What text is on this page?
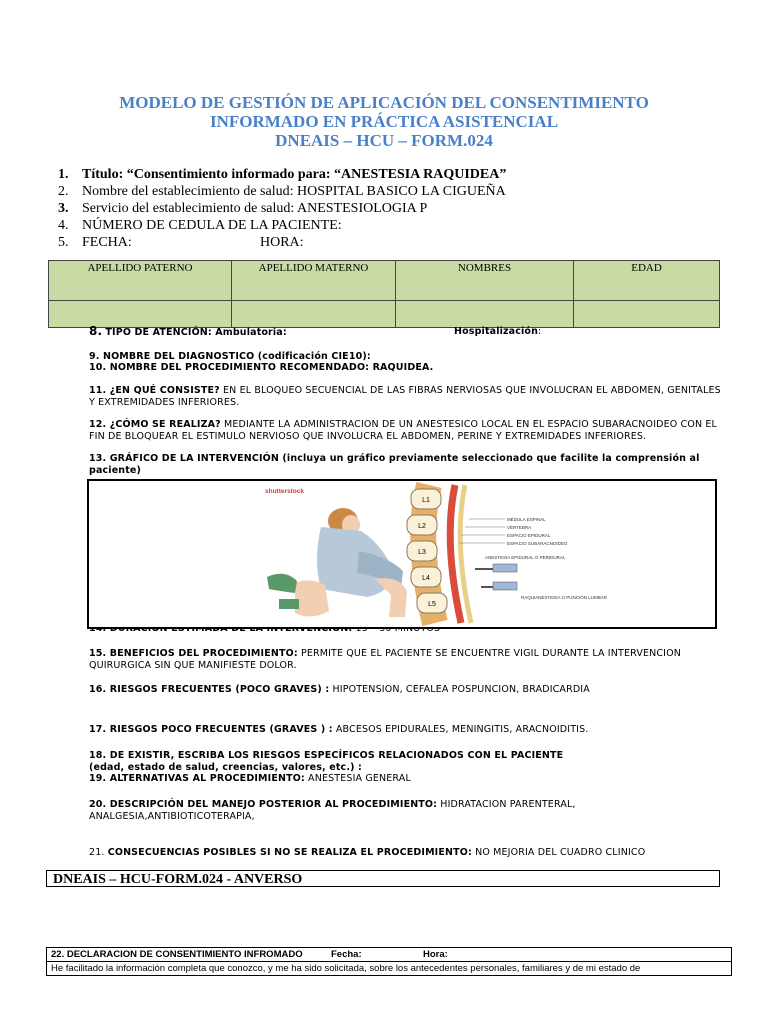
MODELO DE GESTIÓN DE APLICACIÓN DEL CONSENTIMIENTO
INFORMADO EN PRÁCTICA ASISTENCIAL
DNEAIS – HCU – FORM.024
1. Título: “Consentimiento informado para: “ANESTESIA RAQUIDEA”
2. Nombre del establecimiento de salud: HOSPITAL BASICO LA CIGUEÑA
3. Servicio del establecimiento de salud: ANESTESIOLOGIA P
4. NÚMERO DE CEDULA DE LA PACIENTE:
5. FECHA:	HORA:
APELLIDO PATERNO	APELLIDO MATERNO	NOMBRES	EDAD

8. TIPO DE ATENCIÓN: Ambulatoria:	Hospitalización:
9. NOMBRE DEL DIAGNOSTICO (codificación CIE10):
10. NOMBRE DEL PROCEDIMIENTO RECOMENDADO: RAQUIDEA.
11. ¿EN QUÉ CONSISTE? EN EL BLOQUEO SECUENCIAL DE LAS FIBRAS NERVIOSAS QUE INVOLUCRAN EL ABDOMEN, GENITALES Y EXTREMIDADES INFERIORES.
12. ¿CÓMO SE REALIZA? MEDIANTE LA ADMINISTRACION DE UN ANESTESICO LOCAL EN EL ESPACIO SUBARACNOIDEO CON EL FIN DE BLOQUEAR EL ESTIMULO NERVIOSO QUE INVOLUCRA EL ABDOMEN, PERINE Y EXTREMIDADES INFERIORES.
13. GRÁFICO DE LA INTERVENCIÓN (incluya un gráfico previamente seleccionado que facilite la comprensión al paciente)
shutterstock
L1
L2
L3
L4
L5
MÉDULA ESPINAL
VÉRTEBRA
ESPACIO EPIDURAL
ESPACIO SUBARACNOIDEO
ANESTESIA EPIDURAL O PERIDURAL
RAQUIANESTESIA O PUNCIÓN LUMBAR
15. BENEFICIOS DEL PROCEDIMIENTO: PERMITE QUE EL PACIENTE SE ENCUENTRE VIGIL DURANTE LA INTERVENCION QUIRURGICA SIN QUE MANIFIESTE DOLOR.
16. RIESGOS FRECUENTES (POCO GRAVES) : HIPOTENSION, CEFALEA POSPUNCION, BRADICARDIA
17. RIESGOS POCO FRECUENTES (GRAVES ) : ABCESOS EPIDURALES, MENINGITIS, ARACNOIDITIS.
18. DE EXISTIR, ESCRIBA LOS RIESGOS ESPECÍFICOS RELACIONADOS CON EL PACIENTE
(edad, estado de salud, creencias, valores, etc.) :
19. ALTERNATIVAS AL PROCEDIMIENTO: ANESTESIA GENERAL
20. DESCRIPCIÓN DEL MANEJO POSTERIOR AL PROCEDIMIENTO: HIDRATACION PARENTERAL, ANALGESIA,ANTIBIOTICOTERAPIA,
21. CONSECUENCIAS POSIBLES SI NO SE REALIZA EL PROCEDIMIENTO: NO MEJORIA DEL CUADRO CLINICO
DNEAIS – HCU-FORM.024 - ANVERSO
22. DECLARACION DE CONSENTIMIENTO INFROMADO	Fecha:	Hora:
He facilitado la información completa que conozco, y me ha sido solicitada, sobre los antecedentes personales, familiares y de mi estado de
